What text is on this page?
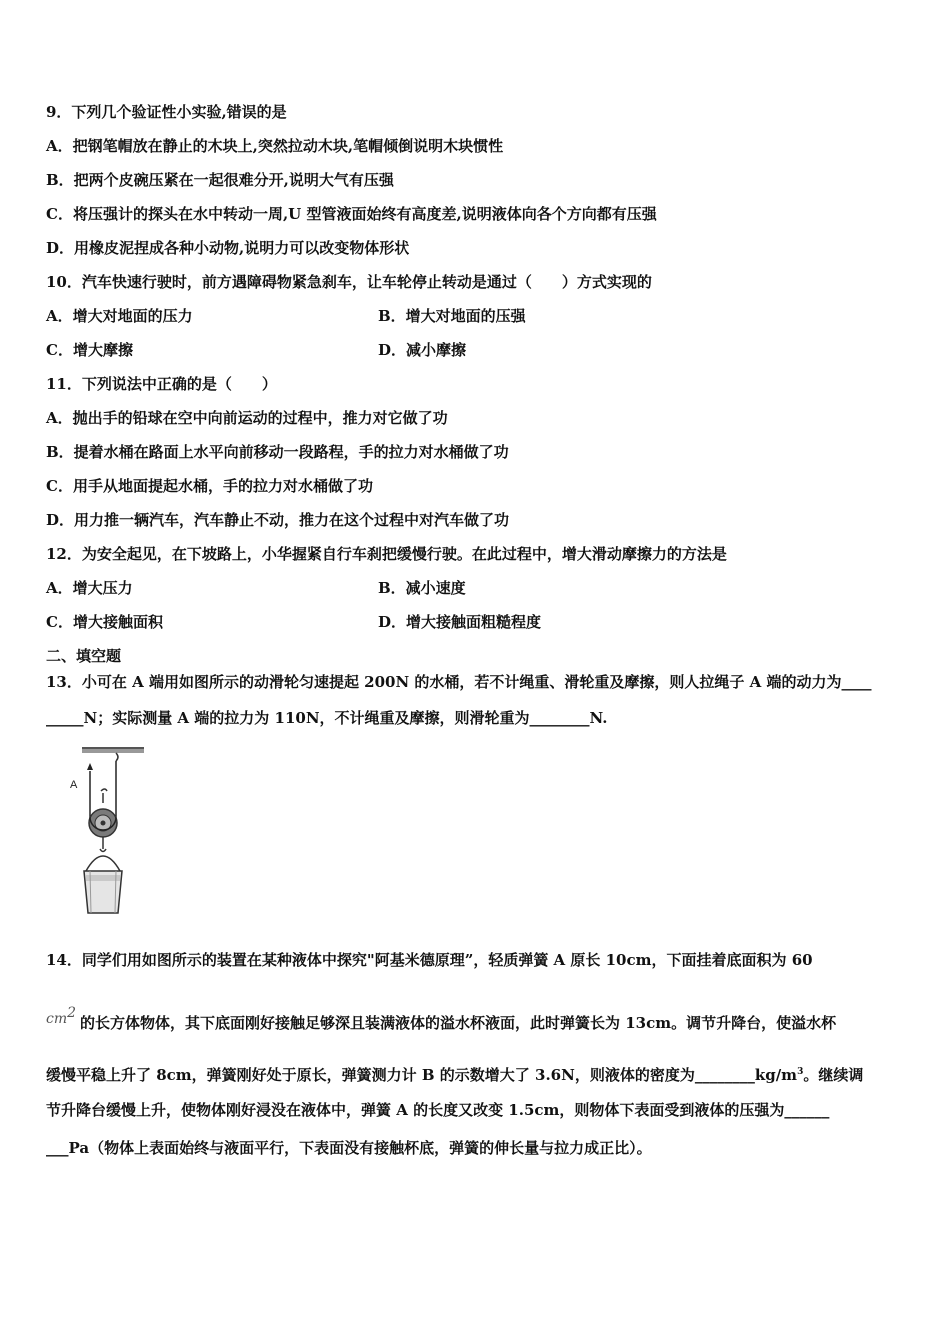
9．下列几个验证性小实验,错误的是
A．把钢笔帽放在静止的木块上,突然拉动木块,笔帽倾倒说明木块惯性
B．把两个皮碗压紧在一起很难分开,说明大气有压强
C．将压强计的探头在水中转动一周,U 型管液面始终有高度差,说明液体向各个方向都有压强
D．用橡皮泥捏成各种小动物,说明力可以改变物体形状
10．汽车快速行驶时，前方遇障碍物紧急刹车，让车轮停止转动是通过（　　）方式实现的
A．增大对地面的压力	B．增大对地面的压强
C．增大摩擦	D．减小摩擦
11．下列说法中正确的是（　　）
A．抛出手的铅球在空中向前运动的过程中，推力对它做了功
B．提着水桶在路面上水平向前移动一段路程，手的拉力对水桶做了功
C．用手从地面提起水桶，手的拉力对水桶做了功
D．用力推一辆汽车，汽车静止不动，推力在这个过程中对汽车做了功
12．为安全起见，在下坡路上，小华握紧自行车刹把缓慢行驶。在此过程中，增大滑动摩擦力的方法是
A．增大压力	B．减小速度
C．增大接触面积	D．增大接触面粗糙程度
二、填空题
13．小可在 A 端用如图所示的动滑轮匀速提起 200N 的水桶，若不计绳重、滑轮重及摩擦，则人拉绳子 A 端的动力为____
_____N；实际测量 A 端的拉力为 110N，不计绳重及摩擦，则滑轮重为________N.
A
14．同学们用如图所示的装置在某种液体中探究"阿基米德原理”，轻质弹簧 A 原长 10cm，下面挂着底面积为 60
$cm^2$
的长方体物体，其下底面刚好接触足够深且装满液体的溢水杯液面，此时弹簧长为 13cm。调节升降台，使溢水杯
缓慢平稳上升了 8cm，弹簧刚好处于原长，弹簧测力计 B 的示数增大了 3.6N，则液体的密度为$\_\_\_\_\_\_\_\_kg/m^3$。继续调
节升降台缓慢上升，使物体刚好浸没在液体中，弹簧 A 的长度又改变 1.5cm，则物体下表面受到液体的压强为______
___Pa（物体上表面始终与液面平行，下表面没有接触杯底，弹簧的伸长量与拉力成正比）。
